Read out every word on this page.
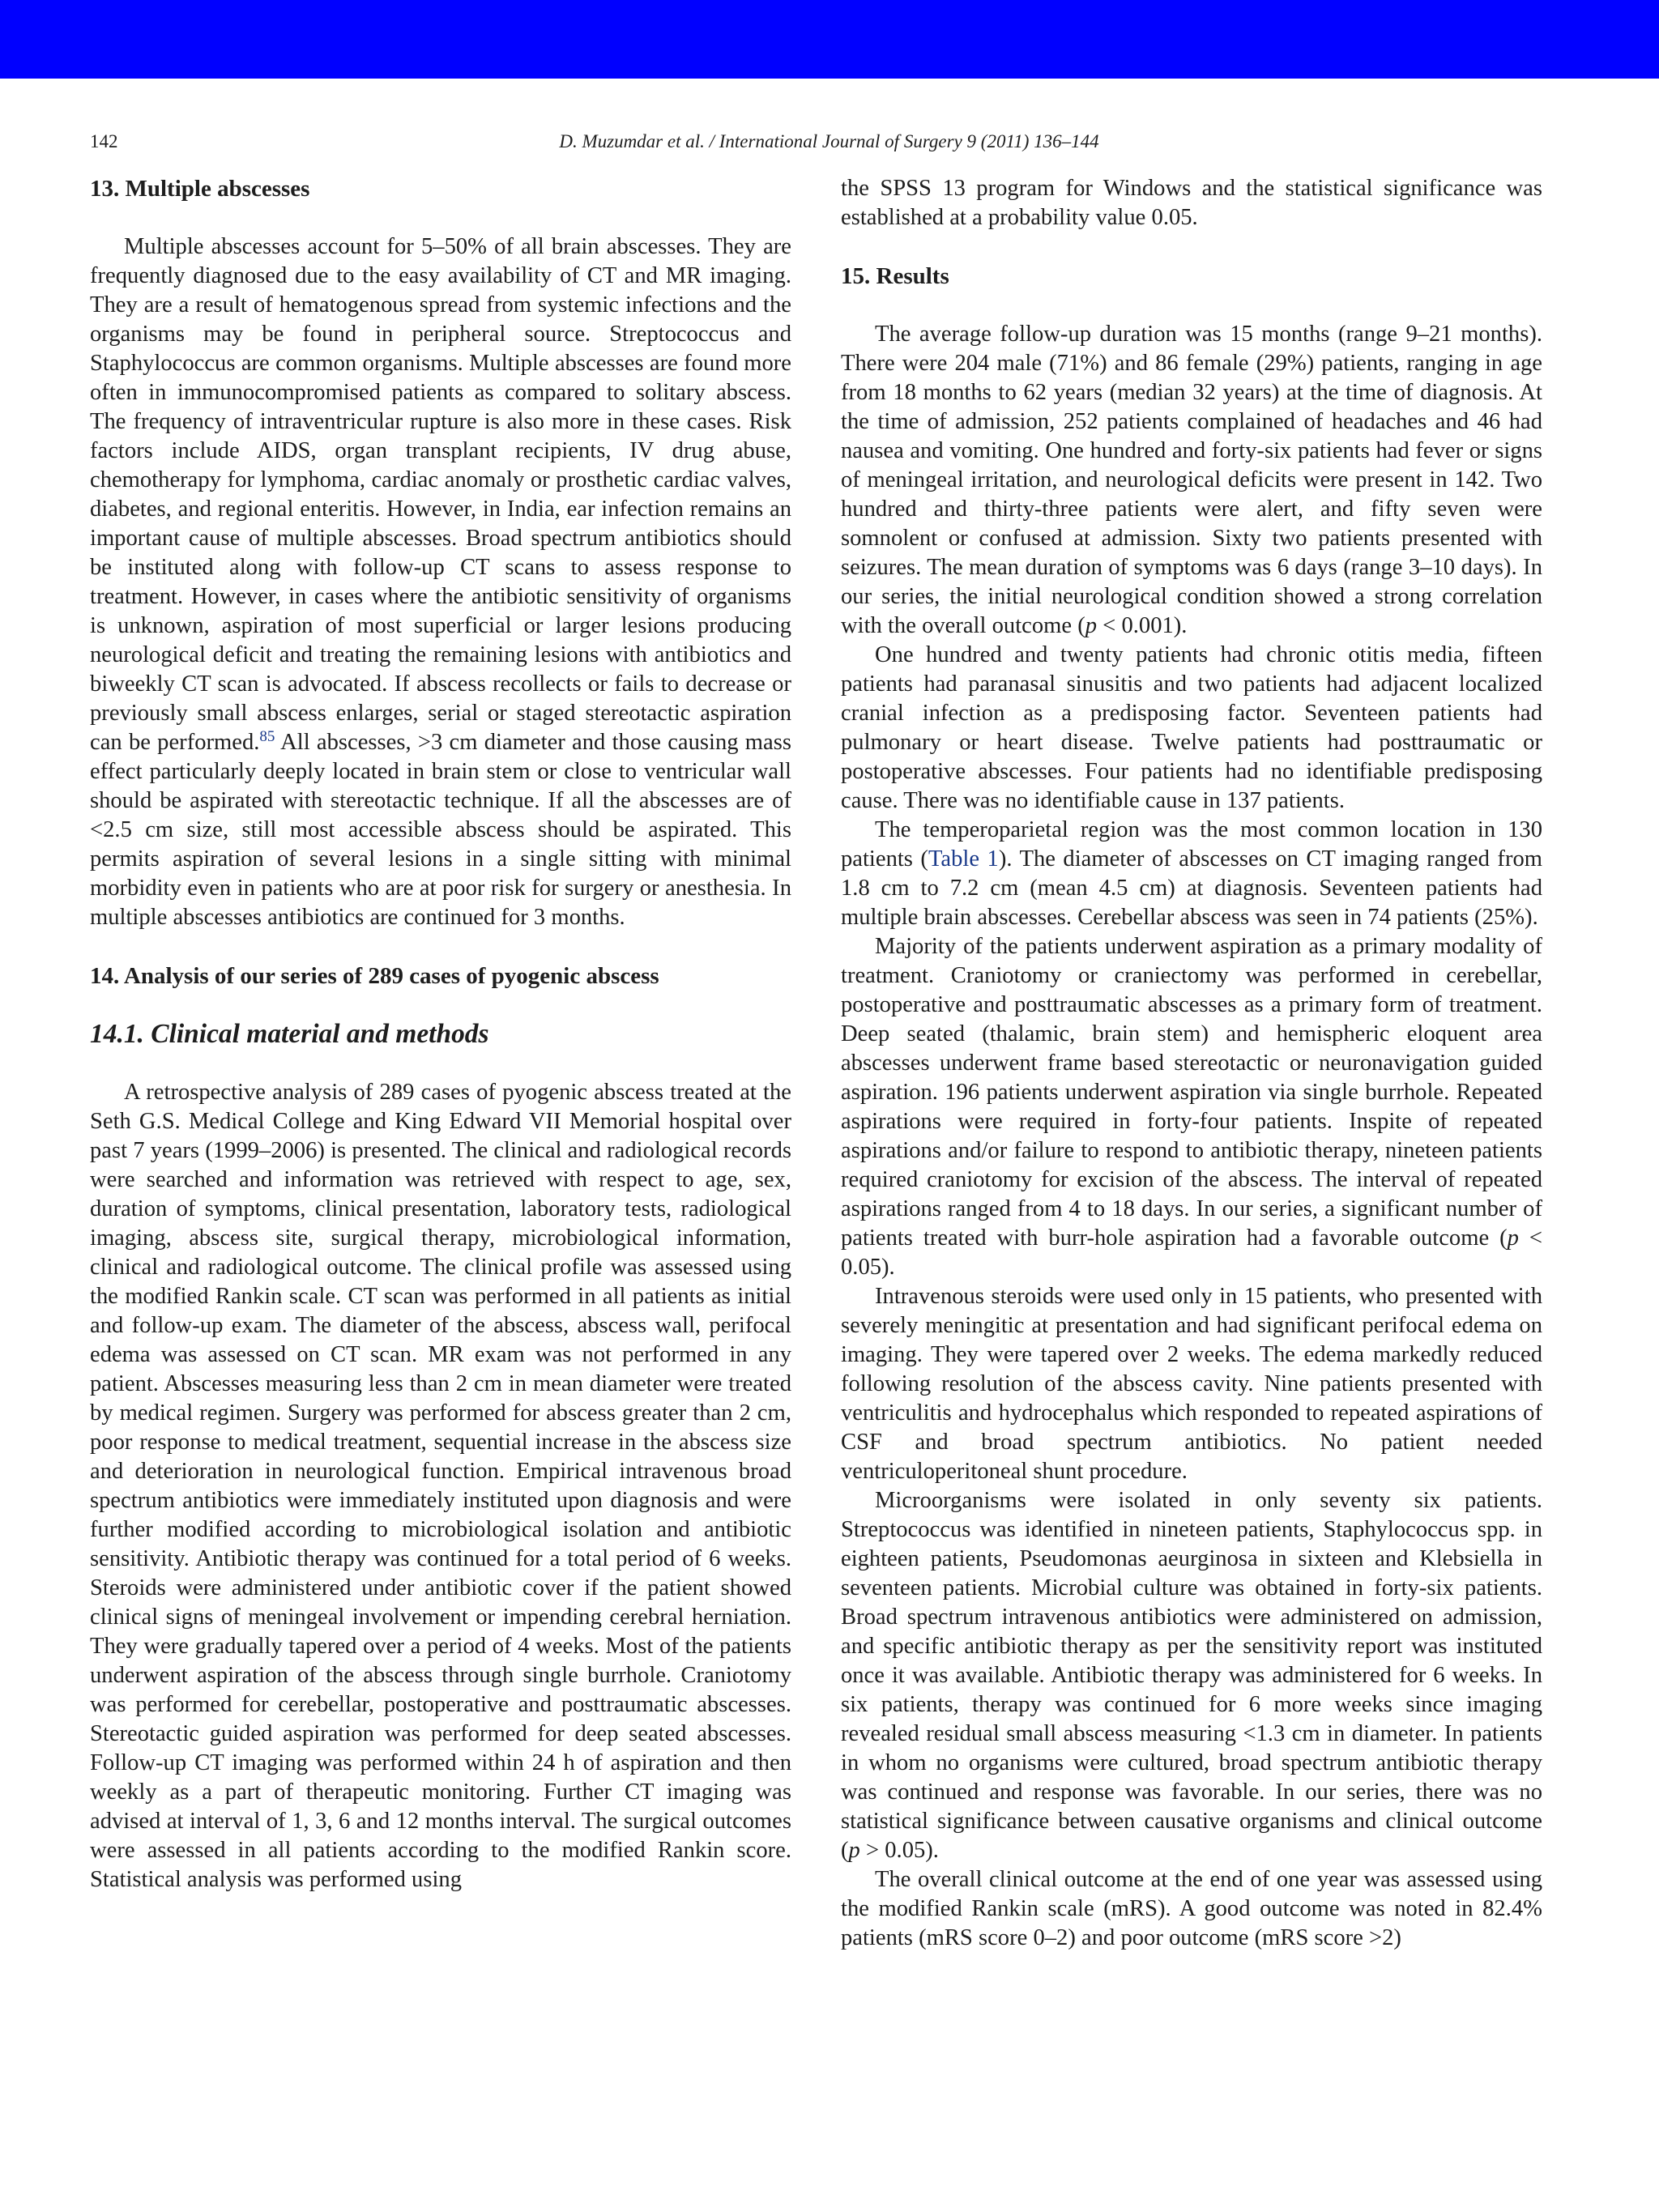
142	D. Muzumdar et al. / International Journal of Surgery 9 (2011) 136–144
13. Multiple abscesses

Multiple abscesses account for 5–50% of all brain abscesses. They are frequently diagnosed due to the easy availability of CT and MR imaging. They are a result of hematogenous spread from systemic infections and the organisms may be found in peripheral source. Streptococcus and Staphylococcus are common organisms. Multiple abscesses are found more often in immunocompromised patients as compared to solitary abscess. The frequency of intraventricular rupture is also more in these cases. Risk factors include AIDS, organ transplant recipients, IV drug abuse, chemotherapy for lymphoma, cardiac anomaly or prosthetic cardiac valves, diabetes, and regional enteritis. However, in India, ear infection remains an important cause of multiple abscesses. Broad spectrum antibiotics should be instituted along with follow-up CT scans to assess response to treatment. However, in cases where the antibiotic sensitivity of organisms is unknown, aspiration of most superficial or larger lesions producing neurological deficit and treating the remaining lesions with antibiotics and biweekly CT scan is advocated. If abscess recollects or fails to decrease or previously small abscess enlarges, serial or staged stereotactic aspiration can be performed.$^{85}$ All abscesses, >3 cm diameter and those causing mass effect particularly deeply located in brain stem or close to ventricular wall should be aspirated with stereotactic technique. If all the abscesses are of <2.5 cm size, still most accessible abscess should be aspirated. This permits aspiration of several lesions in a single sitting with minimal morbidity even in patients who are at poor risk for surgery or anesthesia. In multiple abscesses antibiotics are continued for 3 months.

14. Analysis of our series of 289 cases of pyogenic abscess
14.1. Clinical material and methods

A retrospective analysis of 289 cases of pyogenic abscess treated at the Seth G.S. Medical College and King Edward VII Memorial hospital over past 7 years (1999–2006) is presented. The clinical and radiological records were searched and information was retrieved with respect to age, sex, duration of symptoms, clinical presentation, laboratory tests, radiological imaging, abscess site, surgical therapy, microbiological information, clinical and radiological outcome. The clinical profile was assessed using the modified Rankin scale. CT scan was performed in all patients as initial and follow-up exam. The diameter of the abscess, abscess wall, perifocal edema was assessed on CT scan. MR exam was not performed in any patient. Abscesses measuring less than 2 cm in mean diameter were treated by medical regimen. Surgery was performed for abscess greater than 2 cm, poor response to medical treatment, sequential increase in the abscess size and deterioration in neurological function. Empirical intravenous broad spectrum antibiotics were immediately instituted upon diagnosis and were further modified according to microbiological isolation and antibiotic sensitivity. Antibiotic therapy was continued for a total period of 6 weeks. Steroids were administered under antibiotic cover if the patient showed clinical signs of meningeal involvement or impending cerebral herniation. They were gradually tapered over a period of 4 weeks. Most of the patients underwent aspiration of the abscess through single burrhole. Craniotomy was performed for cerebellar, postoperative and posttraumatic abscesses. Stereotactic guided aspiration was performed for deep seated abscesses. Follow-up CT imaging was performed within 24 h of aspiration and then weekly as a part of therapeutic monitoring. Further CT imaging was advised at interval of 1, 3, 6 and 12 months interval. The surgical outcomes were assessed in all patients according to the modified Rankin score. Statistical analysis was performed using

the SPSS 13 program for Windows and the statistical significance was established at a probability value 0.05.

15. Results

The average follow-up duration was 15 months (range 9–21 months). There were 204 male (71%) and 86 female (29%) patients, ranging in age from 18 months to 62 years (median 32 years) at the time of diagnosis. At the time of admission, 252 patients complained of headaches and 46 had nausea and vomiting. One hundred and forty-six patients had fever or signs of meningeal irritation, and neurological deficits were present in 142. Two hundred and thirty-three patients were alert, and fifty seven were somnolent or confused at admission. Sixty two patients presented with seizures. The mean duration of symptoms was 6 days (range 3–10 days). In our series, the initial neurological condition showed a strong correlation with the overall outcome (p < 0.001).

One hundred and twenty patients had chronic otitis media, fifteen patients had paranasal sinusitis and two patients had adjacent localized cranial infection as a predisposing factor. Seventeen patients had pulmonary or heart disease. Twelve patients had posttraumatic or postoperative abscesses. Four patients had no identifiable predisposing cause. There was no identifiable cause in 137 patients.

The temperoparietal region was the most common location in 130 patients (Table 1). The diameter of abscesses on CT imaging ranged from 1.8 cm to 7.2 cm (mean 4.5 cm) at diagnosis. Seventeen patients had multiple brain abscesses. Cerebellar abscess was seen in 74 patients (25%).

Majority of the patients underwent aspiration as a primary modality of treatment. Craniotomy or craniectomy was performed in cerebellar, postoperative and posttraumatic abscesses as a primary form of treatment. Deep seated (thalamic, brain stem) and hemispheric eloquent area abscesses underwent frame based stereotactic or neuronavigation guided aspiration. 196 patients underwent aspiration via single burrhole. Repeated aspirations were required in forty-four patients. Inspite of repeated aspirations and/or failure to respond to antibiotic therapy, nineteen patients required craniotomy for excision of the abscess. The interval of repeated aspirations ranged from 4 to 18 days. In our series, a significant number of patients treated with burr-hole aspiration had a favorable outcome (p < 0.05).

Intravenous steroids were used only in 15 patients, who presented with severely meningitic at presentation and had significant perifocal edema on imaging. They were tapered over 2 weeks. The edema markedly reduced following resolution of the abscess cavity. Nine patients presented with ventriculitis and hydrocephalus which responded to repeated aspirations of CSF and broad spectrum antibiotics. No patient needed ventriculoperitoneal shunt procedure.

Microorganisms were isolated in only seventy six patients. Streptococcus was identified in nineteen patients, Staphylococcus spp. in eighteen patients, Pseudomonas aeurginosa in sixteen and Klebsiella in seventeen patients. Microbial culture was obtained in forty-six patients. Broad spectrum intravenous antibiotics were administered on admission, and specific antibiotic therapy as per the sensitivity report was instituted once it was available. Antibiotic therapy was administered for 6 weeks. In six patients, therapy was continued for 6 more weeks since imaging revealed residual small abscess measuring <1.3 cm in diameter. In patients in whom no organisms were cultured, broad spectrum antibiotic therapy was continued and response was favorable. In our series, there was no statistical significance between causative organisms and clinical outcome (p > 0.05).

The overall clinical outcome at the end of one year was assessed using the modified Rankin scale (mRS). A good outcome was noted in 82.4% patients (mRS score 0–2) and poor outcome (mRS score >2)
